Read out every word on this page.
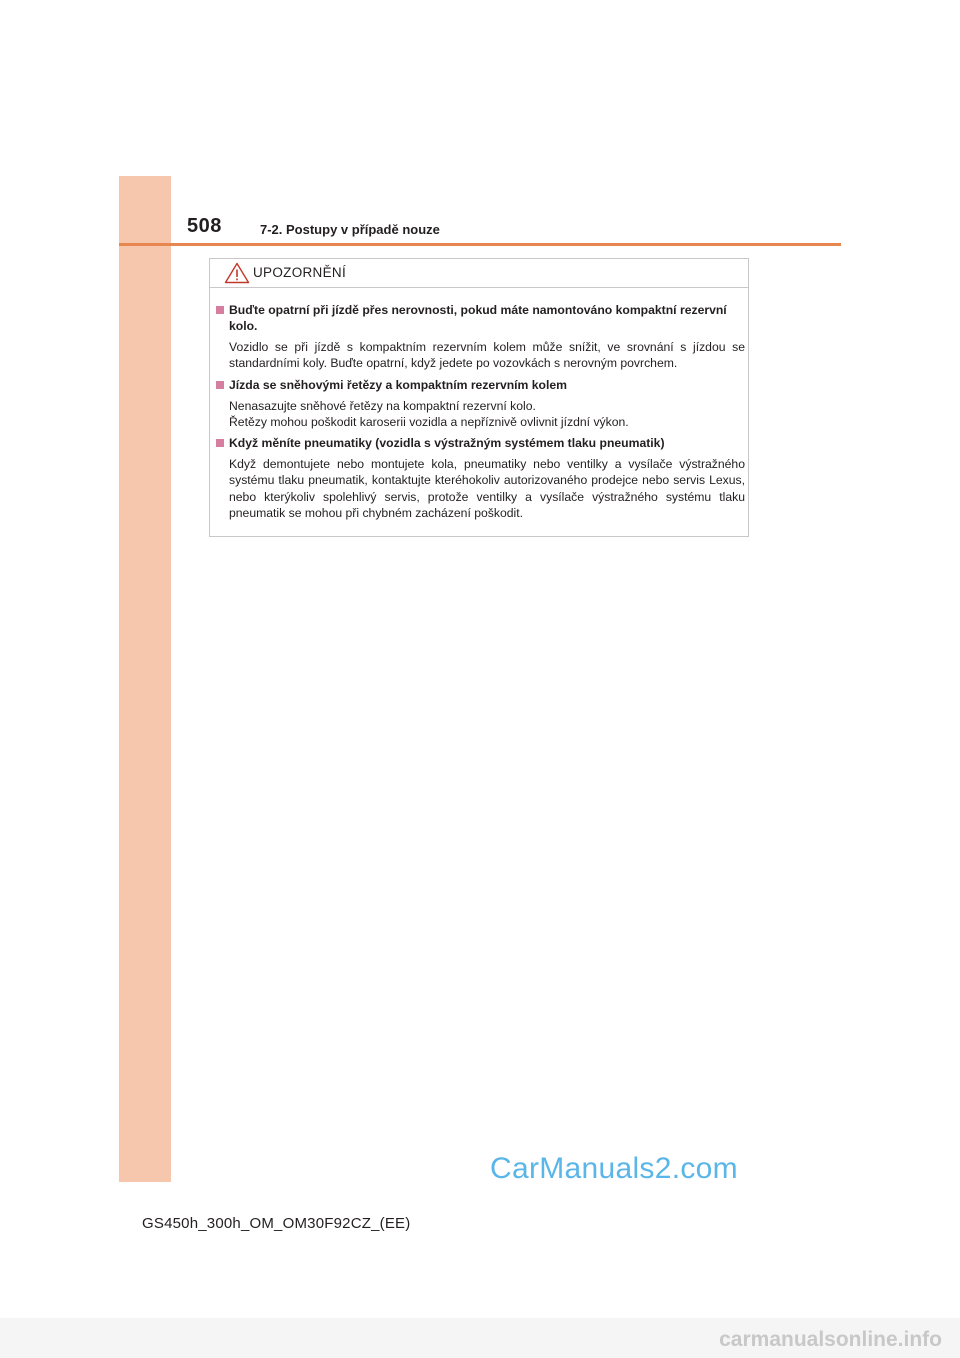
508	7-2. Postupy v případě nouze
UPOZORNĚNÍ
Buďte opatrní při jízdě přes nerovnosti, pokud máte namontováno kompaktní rezervní kolo.
Vozidlo se při jízdě s kompaktním rezervním kolem může snížit, ve srovnání s jízdou se standardními koly. Buďte opatrní, když jedete po vozovkách s nerovným povrchem.
Jízda se sněhovými řetězy a kompaktním rezervním kolem
Nenasazujte sněhové řetězy na kompaktní rezervní kolo.
Řetězy mohou poškodit karoserii vozidla a nepříznivě ovlivnit jízdní výkon.
Když měníte pneumatiky (vozidla s výstražným systémem tlaku pneumatik)
Když demontujete nebo montujete kola, pneumatiky nebo ventilky a vysílače výstražného systému tlaku pneumatik, kontaktujte kteréhokoliv autorizovaného prodejce nebo servis Lexus, nebo kterýkoliv spolehlivý servis, protože ventilky a vysílače výstražného systému tlaku pneumatik se mohou při chybném zacházení poškodit.
CarManuals2.com
GS450h_300h_OM_OM30F92CZ_(EE)
carmanualsonline.info
